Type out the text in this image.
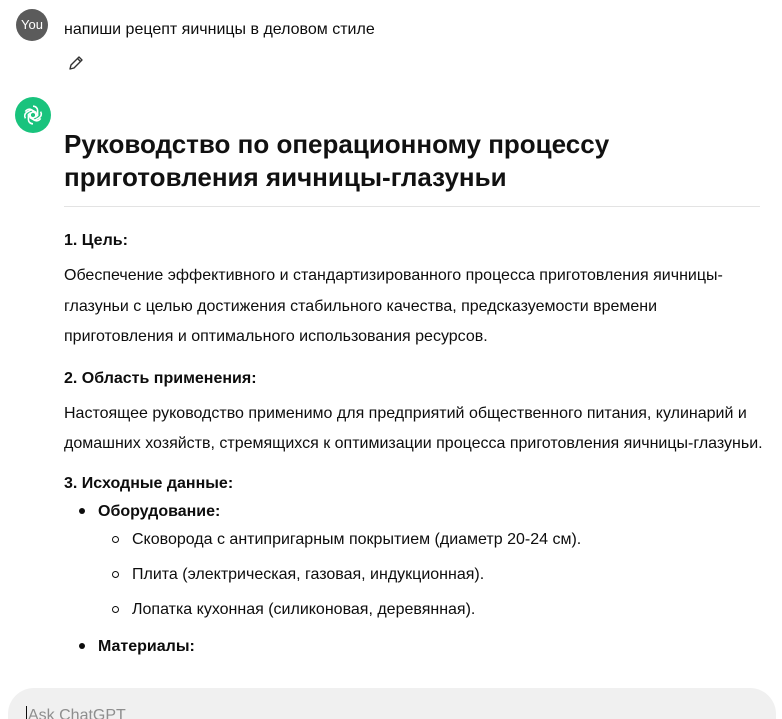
You	напиши рецепт яичницы в деловом стиле
Руководство по операционному процессу приготовления яичницы-глазуньи
1. Цель:
Обеспечение эффективного и стандартизированного процесса приготовления яичницы-глазуньи с целью достижения стабильного качества, предсказуемости времени приготовления и оптимального использования ресурсов.
2. Область применения:
Настоящее руководство применимо для предприятий общественного питания, кулинарий и домашних хозяйств, стремящихся к оптимизации процесса приготовления яичницы-глазуньи.
3. Исходные данные:
Оборудование:
Сковорода с антипригарным покрытием (диаметр 20-24 см).
Плита (электрическая, газовая, индукционная).
Лопатка кухонная (силиконовая, деревянная).
Материалы:
Ask ChatGPT
